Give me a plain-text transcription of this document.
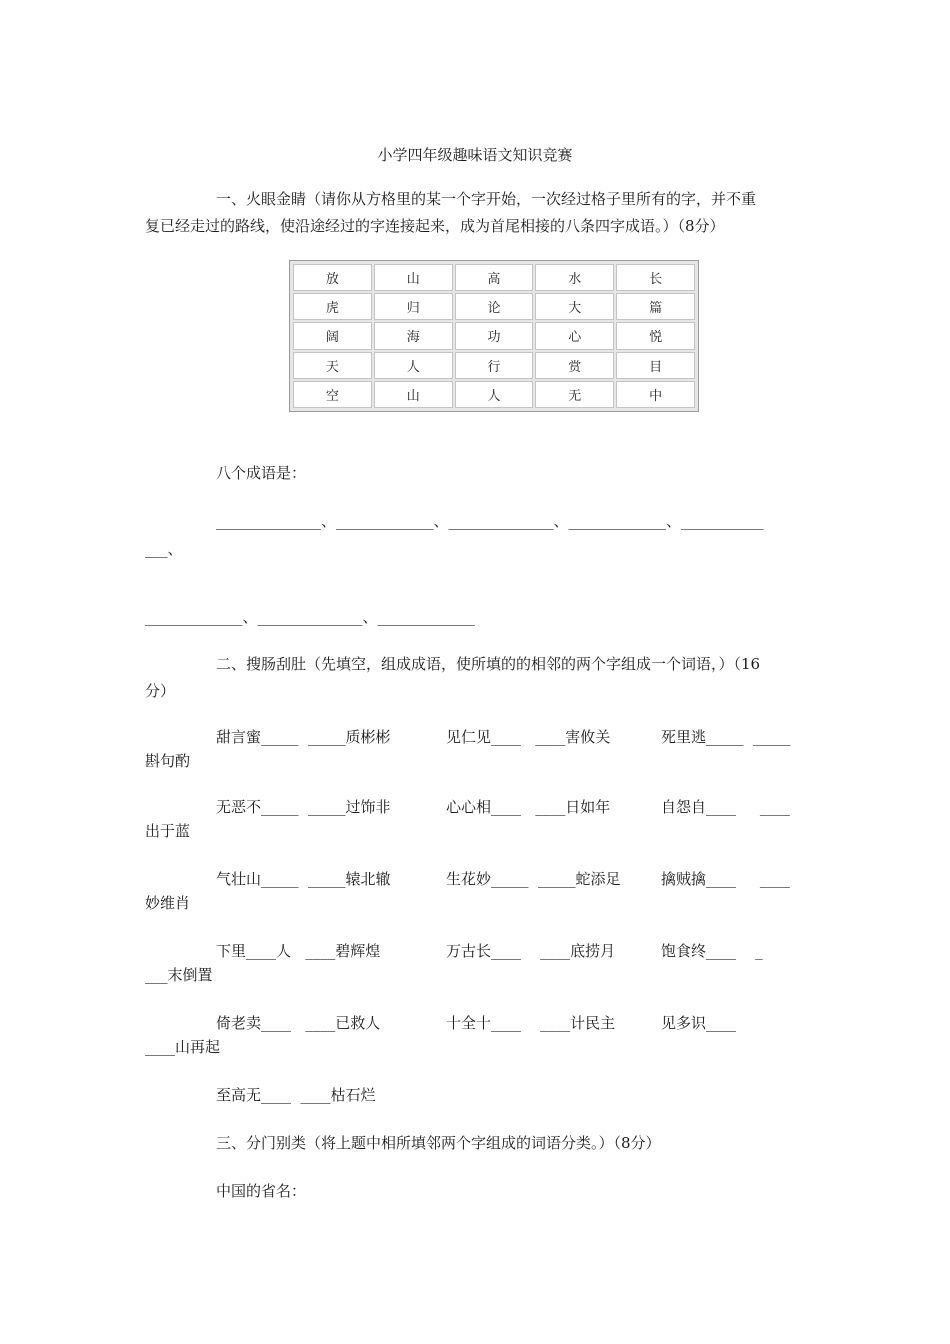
小学四年级趣味语文知识竞赛
一、火眼金睛（请你从方格里的某一个字开始，一次经过格子里所有的字，并不重
复已经走过的路线，使沿途经过的字连接起来，成为首尾相接的八条四字成语。）（8分）
放	山	高	水	长
虎	归	论	大	篇
阔	海	功	心	悦
天	人	行	赏	目
空	山	人	无	中
八个成语是：
______________、_____________、______________、_____________、___________
___、
_____________、______________、_____________
二、搜肠刮肚（先填空，组成成语，使所填的的相邻的两个字组成一个词语，）（16
分）
甜言蜜_____  _____质彬彬	见仁见____   ____害攸关	死里逃_____  _____
斟句酌
无恶不_____  _____过饰非	心心相____   ____日如年	自怨自____     ____
出于蓝
气壮山_____  _____辕北辙	生花妙_____  _____蛇添足	擒贼擒____     ____
妙维肖
下里____人   ____碧辉煌	万古长____    ____底捞月	饱食终____    _
___末倒置
倚老卖____   ____已救人	十全十____    ____计民主	见多识____
____山再起
至高无____  ____枯石烂
三、分门别类（将上题中相所填邻两个字组成的词语分类。）（8分）
中国的省名：
